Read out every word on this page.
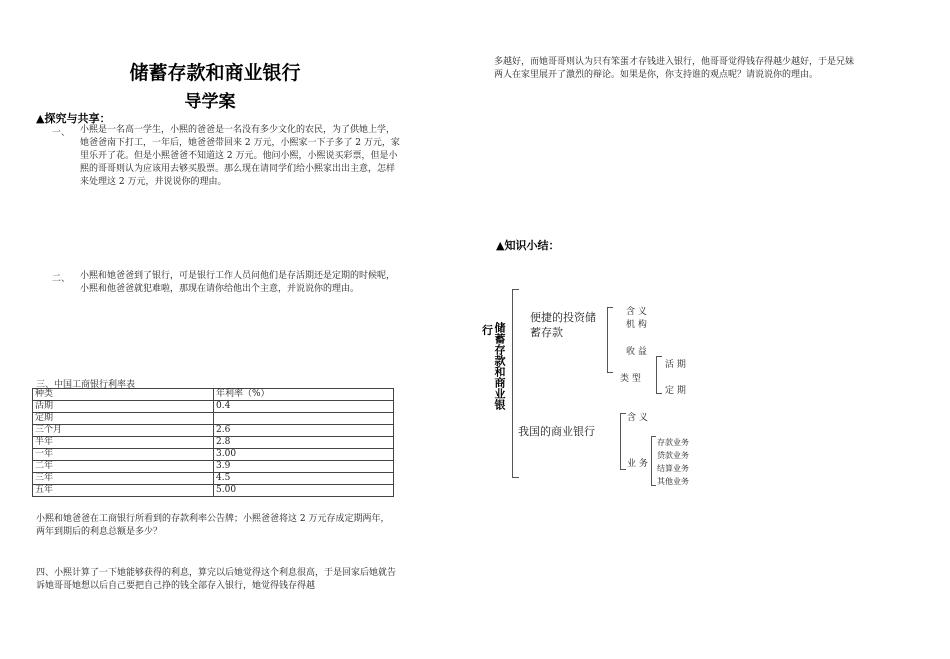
储蓄存款和商业银行
导学案
▲探究与共享：
一、 小熙是一名高一学生，小熙的爸爸是一名没有多少文化的农民，为了供她上学，她爸爸南下打工，一年后，她爸爸带回来 2 万元，小熙家一下子多了 2 万元，家里乐开了花。但是小熙爸爸不知道这 2 万元。他问小熙，小熙说买彩票，但是小熙的哥哥则认为应该用去够买股票。那么现在请同学们给小熙家出出主意，怎样来处理这 2 万元，并说说你的理由。
二、 小熙和她爸爸到了银行，可是银行工作人员问他们是存活期还是定期的时候呢，小熙和他爸爸就犯难啦，那现在请你给他出个主意，并说说你的理由。
三、中国工商银行利率表
种类	年利率（%）
活期	0.4
定期	
三个月	2.6
半年	2.8
一年	3.00
二年	3.9
三年	4.5
五年	5.00
小熙和她爸爸在工商银行所看到的存款利率公告牌；小熙爸爸将这 2 万元存成定期两年，两年到期后的利息总额是多少？
四、小熙计算了一下她能够获得的利息，算完以后她觉得这个利息很高，于是回家后她就告诉她哥哥她想以后自己要把自己挣的钱全部存入银行，她觉得钱存得越
多越好，而她哥哥则认为只有笨蛋才存钱进入银行，他哥哥觉得钱存得越少越好，于是兄妹两人在家里展开了激烈的辩论。如果是你，你支持谁的观点呢？请说说你的理由。
▲知识小结：
行 储蓄存款和商业银
便捷的投资储蓄存款
含 义
机 构
收 益
类 型
活 期
定 期
我国的商业银行
含 义
业 务
存款业务
贷款业务
结算业务
其他业务
